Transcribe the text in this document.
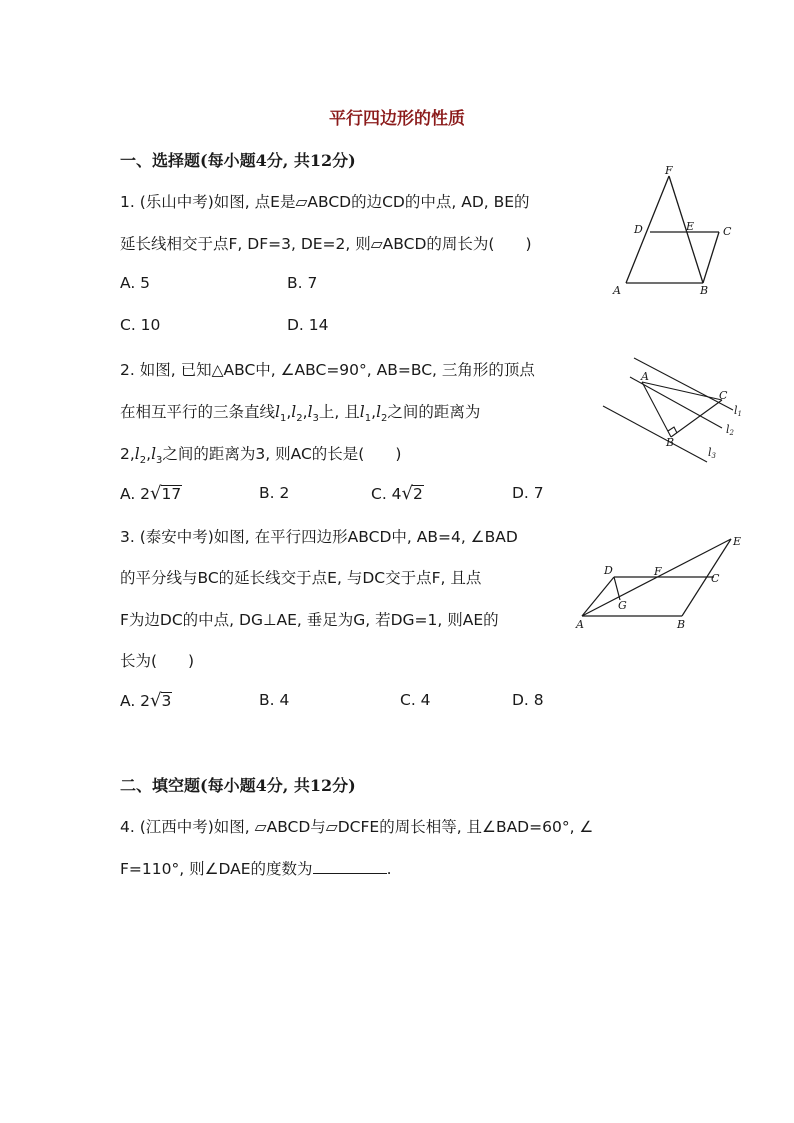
平行四边形的性质
一、选择题(每小题4分, 共12分)
1. (乐山中考)如图, 点E是▱ABCD的边CD的中点, AD, BE的
延长线相交于点F, DF=3, DE=2, 则▱ABCD的周长为(　　)
A. 5	B. 7
C. 10	D. 14
F
D	E	C
A	B
2. 如图, 已知△ABC中, ∠ABC=90°, AB=BC, 三角形的顶点
在相互平行的三条直线$l_1,l_2,l_3$上, 且$l_1,l_2$之间的距离为
$2,l_2,l_3$之间的距离为3, 则AC的长是(　　)
A. 2√17	B. 2	C. 4√2	D. 7
A
C
B
l1
l2
l3
3. (泰安中考)如图, 在平行四边形ABCD中, AB=4, ∠BAD
的平分线与BC的延长线交于点E, 与DC交于点F, 且点
F为边DC的中点, DG⊥AE, 垂足为G, 若DG=1, 则AE的
长为(　　)
A. 2√3	B. 4	C. 4	D. 8
E
D	F
C
G
A	B
二、填空题(每小题4分, 共12分)
4. (江西中考)如图, ▱ABCD与▱DCFE的周长相等, 且∠BAD=60°, ∠
F=110°, 则∠DAE的度数为	.
